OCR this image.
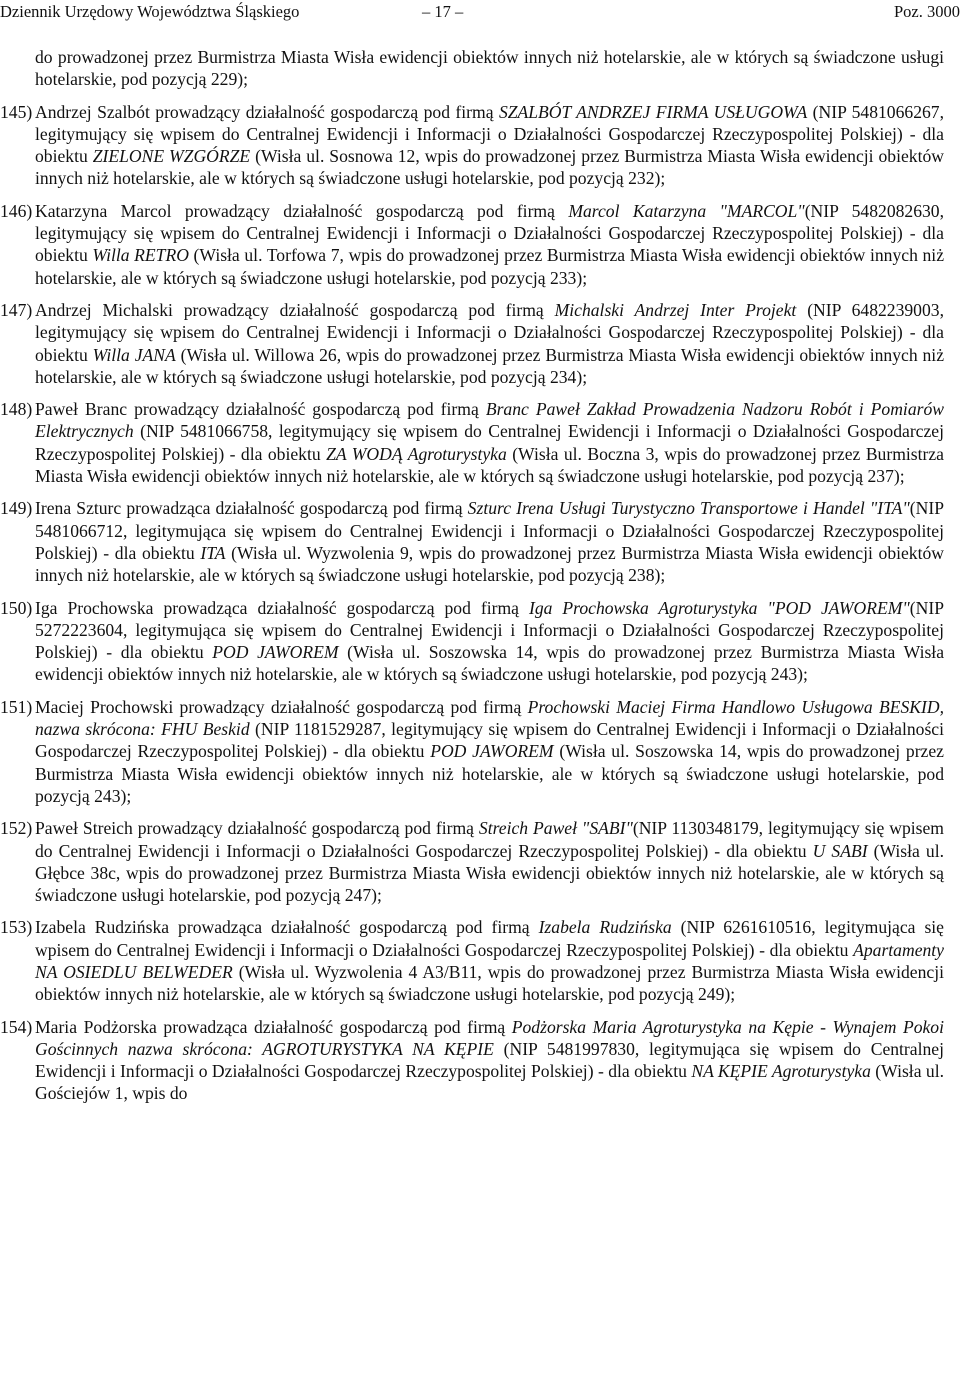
Dziennik Urzędowy Województwa Śląskiego	– 17 –	Poz. 3000
do prowadzonej przez Burmistrza Miasta Wisła ewidencji obiektów innych niż hotelarskie, ale w których są świadczone usługi hotelarskie, pod pozycją 229);
145) Andrzej Szalbót prowadzący działalność gospodarczą pod firmą SZALBÓT ANDRZEJ FIRMA USŁUGOWA (NIP 5481066267, legitymujący się wpisem do Centralnej Ewidencji i Informacji o Działalności Gospodarczej Rzeczypospolitej Polskiej) - dla obiektu ZIELONE WZGÓRZE (Wisła ul. Sosnowa 12, wpis do prowadzonej przez Burmistrza Miasta Wisła ewidencji obiektów innych niż hotelarskie, ale w których są świadczone usługi hotelarskie, pod pozycją 232);
146) Katarzyna Marcol prowadzący działalność gospodarczą pod firmą Marcol Katarzyna "MARCOL"(NIP 5482082630, legitymujący się wpisem do Centralnej Ewidencji i Informacji o Działalności Gospodarczej Rzeczypospolitej Polskiej) - dla obiektu Willa RETRO (Wisła ul. Torfowa 7, wpis do prowadzonej przez Burmistrza Miasta Wisła ewidencji obiektów innych niż hotelarskie, ale w których są świadczone usługi hotelarskie, pod pozycją 233);
147) Andrzej Michalski prowadzący działalność gospodarczą pod firmą Michalski Andrzej Inter Projekt (NIP 6482239003, legitymujący się wpisem do Centralnej Ewidencji i Informacji o Działalności Gospodarczej Rzeczypospolitej Polskiej) - dla obiektu Willa JANA (Wisła ul. Willowa 26, wpis do prowadzonej przez Burmistrza Miasta Wisła ewidencji obiektów innych niż hotelarskie, ale w których są świadczone usługi hotelarskie, pod pozycją 234);
148) Paweł Branc prowadzący działalność gospodarczą pod firmą Branc Paweł Zakład Prowadzenia Nadzoru Robót i Pomiarów Elektrycznych (NIP 5481066758, legitymujący się wpisem do Centralnej Ewidencji i Informacji o Działalności Gospodarczej Rzeczypospolitej Polskiej) - dla obiektu ZA WODĄ Agroturystyka (Wisła ul. Boczna 3, wpis do prowadzonej przez Burmistrza Miasta Wisła ewidencji obiektów innych niż hotelarskie, ale w których są świadczone usługi hotelarskie, pod pozycją 237);
149) Irena Szturc prowadząca działalność gospodarczą pod firmą Szturc Irena Usługi Turystyczno Transportowe i Handel "ITA"(NIP 5481066712, legitymująca się wpisem do Centralnej Ewidencji i Informacji o Działalności Gospodarczej Rzeczypospolitej Polskiej) - dla obiektu ITA (Wisła ul. Wyzwolenia 9, wpis do prowadzonej przez Burmistrza Miasta Wisła ewidencji obiektów innych niż hotelarskie, ale w których są świadczone usługi hotelarskie, pod pozycją 238);
150) Iga Prochowska prowadząca działalność gospodarczą pod firmą Iga Prochowska Agroturystyka "POD JAWOREM"(NIP 5272223604, legitymująca się wpisem do Centralnej Ewidencji i Informacji o Działalności Gospodarczej Rzeczypospolitej Polskiej) - dla obiektu POD JAWOREM (Wisła ul. Soszowska 14, wpis do prowadzonej przez Burmistrza Miasta Wisła ewidencji obiektów innych niż hotelarskie, ale w których są świadczone usługi hotelarskie, pod pozycją 243);
151) Maciej Prochowski prowadzący działalność gospodarczą pod firmą Prochowski Maciej Firma Handlowo Usługowa BESKID, nazwa skrócona: FHU Beskid (NIP 1181529287, legitymujący się wpisem do Centralnej Ewidencji i Informacji o Działalności Gospodarczej Rzeczypospolitej Polskiej) - dla obiektu POD JAWOREM (Wisła ul. Soszowska 14, wpis do prowadzonej przez Burmistrza Miasta Wisła ewidencji obiektów innych niż hotelarskie, ale w których są świadczone usługi hotelarskie, pod pozycją 243);
152) Paweł Streich prowadzący działalność gospodarczą pod firmą Streich Paweł "SABI"(NIP 1130348179, legitymujący się wpisem do Centralnej Ewidencji i Informacji o Działalności Gospodarczej Rzeczypospolitej Polskiej) - dla obiektu U SABI (Wisła ul. Głębce 38c, wpis do prowadzonej przez Burmistrza Miasta Wisła ewidencji obiektów innych niż hotelarskie, ale w których są świadczone usługi hotelarskie, pod pozycją 247);
153) Izabela Rudzińska prowadząca działalność gospodarczą pod firmą Izabela Rudzińska (NIP 6261610516, legitymująca się wpisem do Centralnej Ewidencji i Informacji o Działalności Gospodarczej Rzeczypospolitej Polskiej) - dla obiektu Apartamenty NA OSIEDLU BELWEDER (Wisła ul. Wyzwolenia 4 A3/B11, wpis do prowadzonej przez Burmistrza Miasta Wisła ewidencji obiektów innych niż hotelarskie, ale w których są świadczone usługi hotelarskie, pod pozycją 249);
154) Maria Podżorska prowadząca działalność gospodarczą pod firmą Podżorska Maria Agroturystyka na Kępie - Wynajem Pokoi Gościnnych nazwa skrócona: AGROTURYSTYKA NA KĘPIE (NIP 5481997830, legitymująca się wpisem do Centralnej Ewidencji i Informacji o Działalności Gospodarczej Rzeczypospolitej Polskiej) - dla obiektu NA KĘPIE Agroturystyka (Wisła ul. Gościejów 1, wpis do
